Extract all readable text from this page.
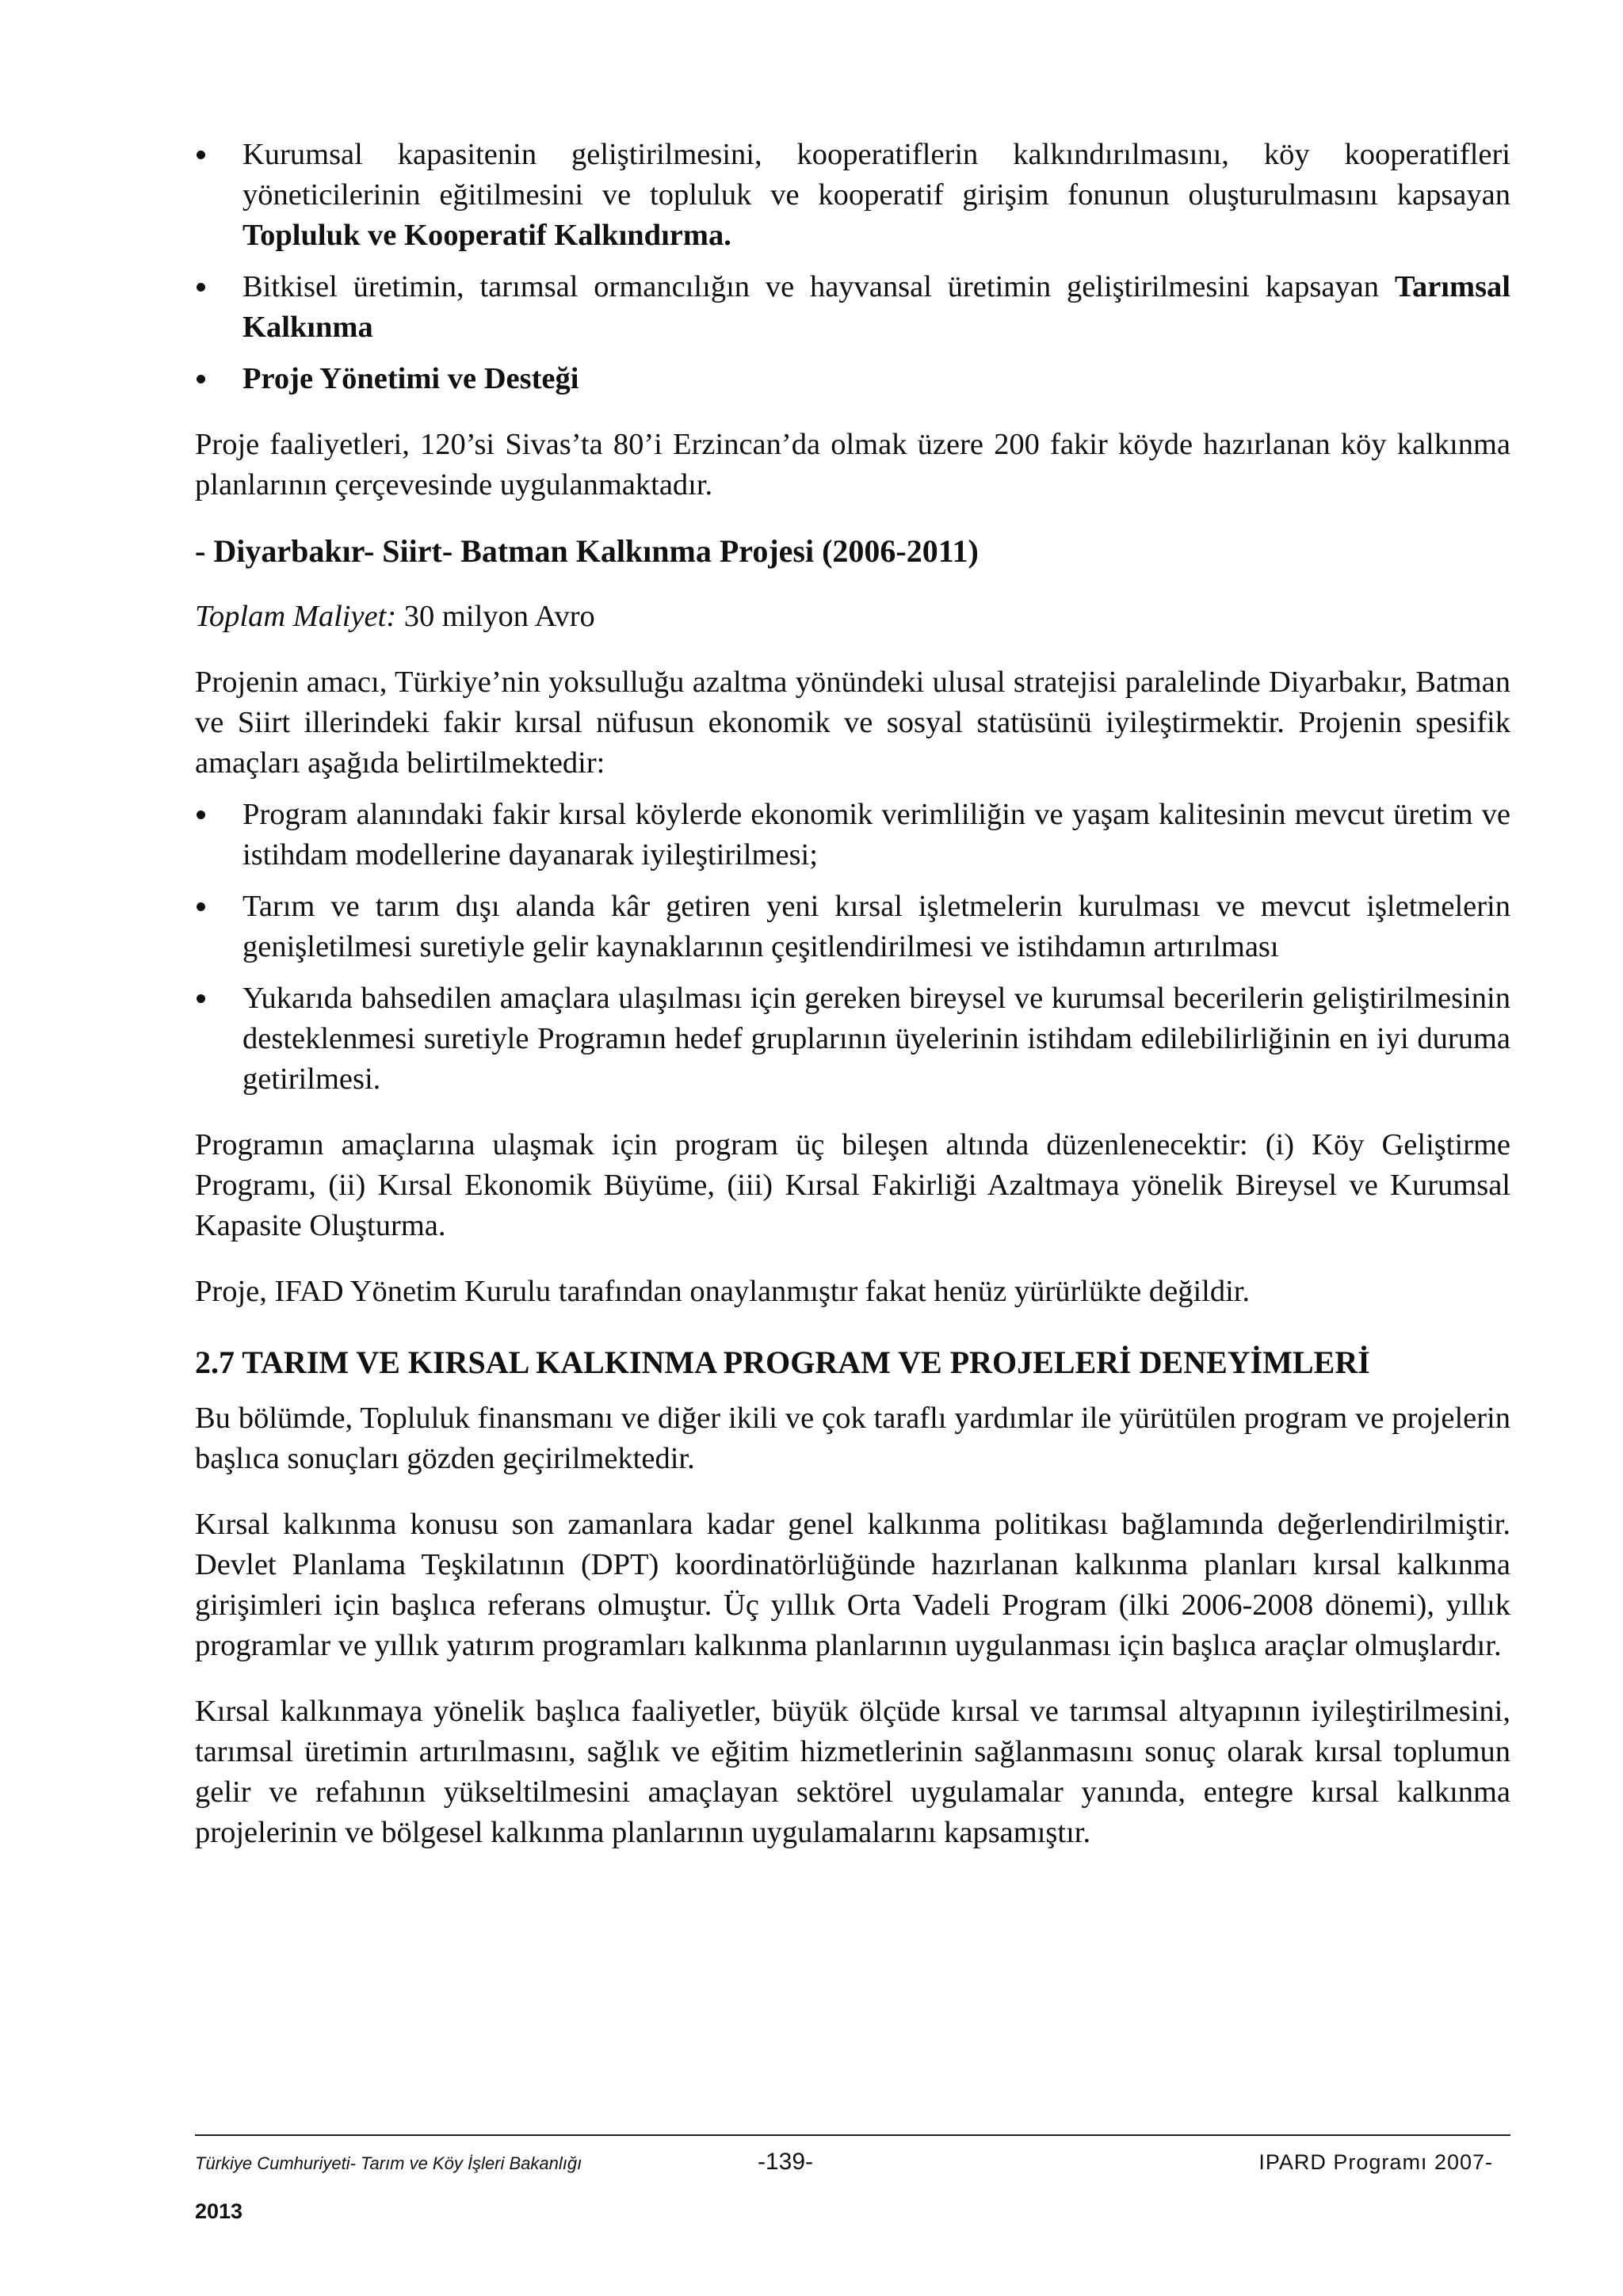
Kurumsal kapasitenin geliştirilmesini, kooperatiflerin kalkındırılmasını, köy kooperatifleri yöneticilerinin eğitilmesini ve topluluk ve kooperatif girişim fonunun oluşturulmasını kapsayan Topluluk ve Kooperatif Kalkındırma.
Bitkisel üretimin, tarımsal ormancılığın ve hayvansal üretimin geliştirilmesini kapsayan Tarımsal Kalkınma
Proje Yönetimi ve Desteği

Proje faaliyetleri, 120’si Sivas’ta 80’i Erzincan’da olmak üzere 200 fakir köyde hazırlanan köy kalkınma planlarının çerçevesinde uygulanmaktadır.

- Diyarbakır- Siirt- Batman Kalkınma Projesi (2006-2011)

Toplam Maliyet: 30 milyon Avro

Projenin amacı, Türkiye’nin yoksulluğu azaltma yönündeki ulusal stratejisi paralelinde Diyarbakır, Batman ve Siirt illerindeki fakir kırsal nüfusun ekonomik ve sosyal statüsünü iyileştirmektir. Projenin spesifik amaçları aşağıda belirtilmektedir:

Program alanındaki fakir kırsal köylerde ekonomik verimliliğin ve yaşam kalitesinin mevcut üretim ve istihdam modellerine dayanarak iyileştirilmesi;
Tarım ve tarım dışı alanda kâr getiren yeni kırsal işletmelerin kurulması ve mevcut işletmelerin genişletilmesi suretiyle gelir kaynaklarının çeşitlendirilmesi ve istihdamın artırılması
Yukarıda bahsedilen amaçlara ulaşılması için gereken bireysel ve kurumsal becerilerin geliştirilmesinin desteklenmesi suretiyle Programın hedef gruplarının üyelerinin istihdam edilebilirliğinin en iyi duruma getirilmesi.

Programın amaçlarına ulaşmak için program üç bileşen altında düzenlenecektir: (i) Köy Geliştirme Programı, (ii) Kırsal Ekonomik Büyüme, (iii) Kırsal Fakirliği Azaltmaya yönelik Bireysel ve Kurumsal Kapasite Oluşturma.

Proje, IFAD Yönetim Kurulu tarafından onaylanmıştır fakat henüz yürürlükte değildir.

2.7 TARIM VE KIRSAL KALKINMA PROGRAM VE PROJELERİ DENEYİMLERİ

Bu bölümde, Topluluk finansmanı ve diğer ikili ve çok taraflı yardımlar ile yürütülen program ve projelerin başlıca sonuçları gözden geçirilmektedir.

Kırsal kalkınma konusu son zamanlara kadar genel kalkınma politikası bağlamında değerlendirilmiştir. Devlet Planlama Teşkilatının (DPT) koordinatörlüğünde hazırlanan kalkınma planları kırsal kalkınma girişimleri için başlıca referans olmuştur. Üç yıllık Orta Vadeli Program (ilki 2006-2008 dönemi), yıllık programlar ve yıllık yatırım programları kalkınma planlarının uygulanması için başlıca araçlar olmuşlardır.

Kırsal kalkınmaya yönelik başlıca faaliyetler, büyük ölçüde kırsal ve tarımsal altyapının iyileştirilmesini, tarımsal üretimin artırılmasını, sağlık ve eğitim hizmetlerinin sağlanmasını sonuç olarak kırsal toplumun gelir ve refahının yükseltilmesini amaçlayan sektörel uygulamalar yanında, entegre kırsal kalkınma projelerinin ve bölgesel kalkınma planlarının uygulamalarını kapsamıştır.

Türkiye Cumhuriyeti- Tarım ve Köy İşleri Bakanlığı	-139-	IPARD Programı 2007-
2013
